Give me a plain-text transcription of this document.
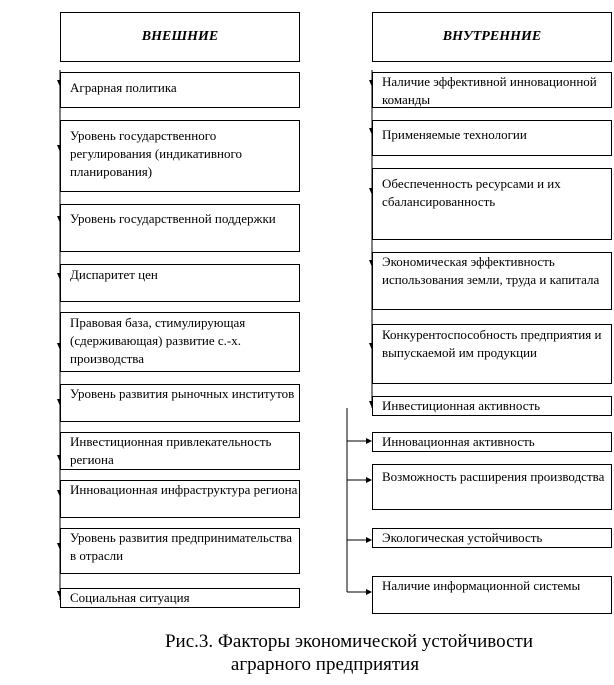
ВНЕШНИЕ
Аграрная политика
Уровень государственного регулирования (индикативного планирования)
Уровень государственной поддержки
Диспаритет цен
Правовая база, стимулирующая (сдерживающая) развитие с.-х. производства
Уровень развития рыночных институтов
Инвестиционная привлекательность региона
Инновационная инфраструктура региона
Уровень развития предпринимательства в отрасли
Социальная ситуация
ВНУТРЕННИЕ
Наличие эффективной инновационной команды
Применяемые технологии
Обеспеченность ресурсами и их сбалансированность
Экономическая эффективность использования земли, труда и капитала
Конкурентоспособность предприятия и выпускаемой им продукции
Инвестиционная активность
Инновационная активность
Возможность расширения производства
Экологическая устойчивость
Наличие информационной системы
Рис.3. Факторы экономической устойчивости
аграрного предприятия
